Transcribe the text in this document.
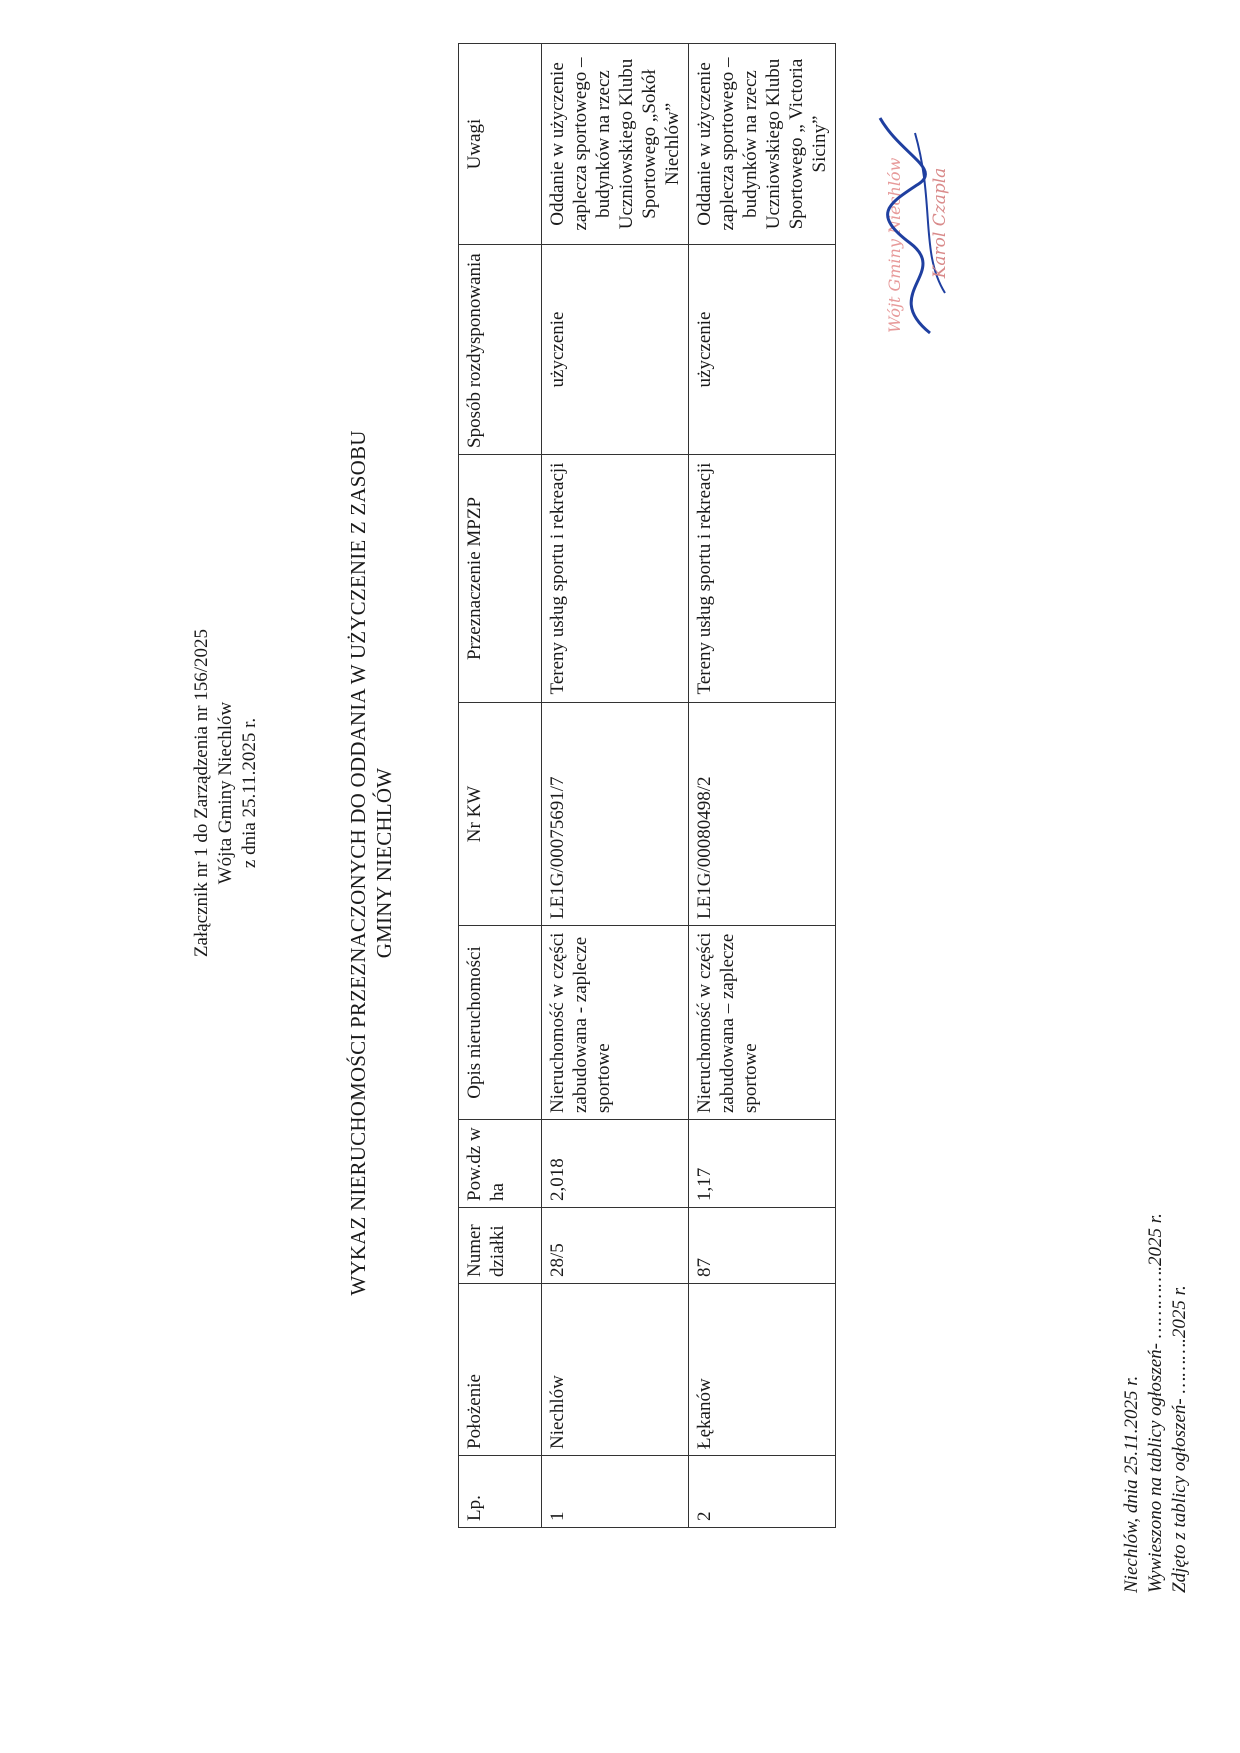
Załącznik nr 1 do Zarządzenia nr 156/2025 Wójta Gminy Niechlów z dnia 25.11.2025 r.	WYKAZ NIERUCHOMOŚCI PRZEZNACZONYCH DO ODDANIA W UŻYCZENIE Z ZASOBU GMINY NIECHLÓW
Lp.	Położenie	Numer działki	Pow.dz w ha	Opis nieruchomości	Nr KW	Przeznaczenie MPZP	Sposób rozdysponowania	Uwagi
1	Niechlów	28/5	2,018	Nieruchomość w części zabudowana - zaplecze sportowe	LE1G/00075691/7	Tereny usług sportu i rekreacji	użyczenie	Oddanie w użyczenie zaplecza sportowego – budynków na rzecz Uczniowskiego Klubu Sportowego „Sokół Niechlów”
2	Łękanów	87	1,17	Nieruchomość w części zabudowana – zaplecze sportowe	LE1G/00080498/2	Tereny usług sportu i rekreacji	użyczenie	Oddanie w użyczenie zaplecza sportowego – budynków na rzecz Uczniowskiego Klubu Sportowego „ Victoria Siciny”
Niechlów, dnia 25.11.2025 r. Wywieszono na tablicy ogłoszeń- ………….2025 r. Zdjęto z tablicy ogłoszeń- ……….2025 r.
Wójt Gminy Niechlów Karol Czapla
